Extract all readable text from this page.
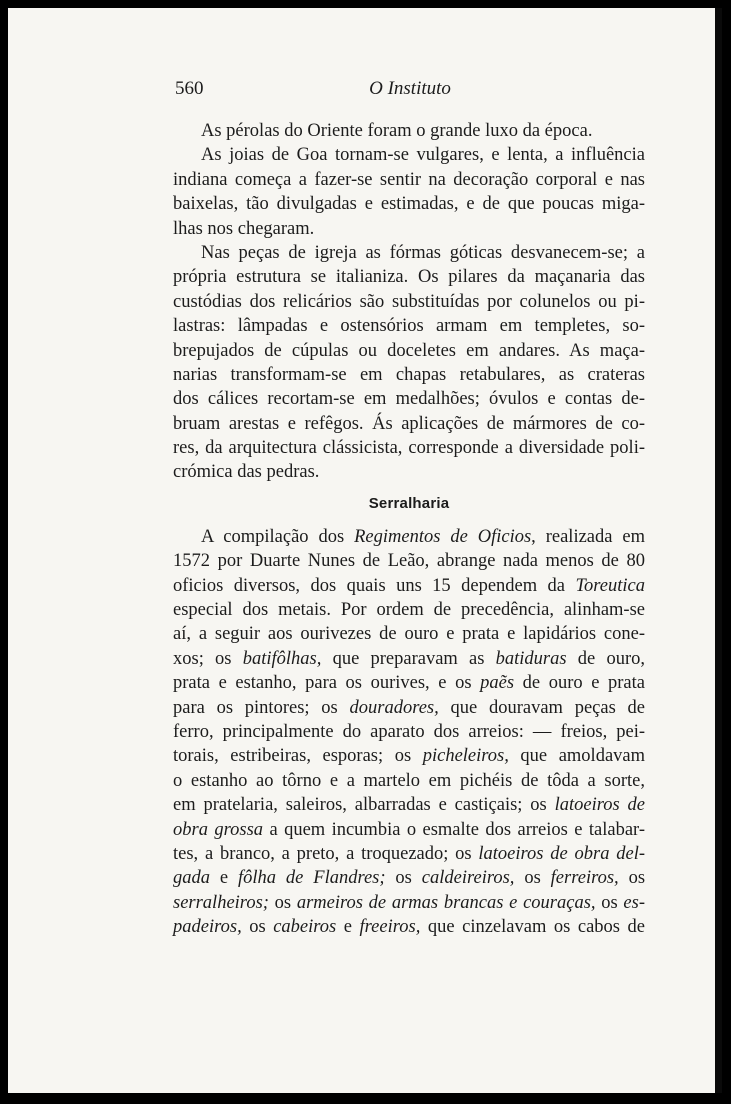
560	O Instituto
As pérolas do Oriente foram o grande luxo da época.
As joias de Goa tornam-se vulgares, e lenta, a influência
indiana começa a fazer-se sentir na decoração corporal e nas
baixelas, tão divulgadas e estimadas, e de que poucas miga-
lhas nos chegaram.
Nas peças de igreja as fórmas góticas desvanecem-se; a
própria estrutura se italianiza. Os pilares da maçanaria das
custódias dos relicários são substituídas por colunelos ou pi-
lastras: lâmpadas e ostensórios armam em templetes, so-
brepujados de cúpulas ou doceletes em andares. As maça-
narias transformam-se em chapas retabulares, as crateras
dos cálices recortam-se em medalhões; óvulos e contas de-
bruam arestas e refêgos. Ás aplicações de mármores de co-
res, da arquitectura clássicista, corresponde a diversidade poli-
crómica das pedras.
Serralharia
A compilação dos Regimentos de Oficios, realizada em
1572 por Duarte Nunes de Leão, abrange nada menos de 80
oficios diversos, dos quais uns 15 dependem da Toreutica
especial dos metais. Por ordem de precedência, alinham-se
aí, a seguir aos ourivezes de ouro e prata e lapidários cone-
xos; os batifôlhas, que preparavam as batiduras de ouro,
prata e estanho, para os ourives, e os paẽs de ouro e prata
para os pintores; os douradores, que douravam peças de
ferro, principalmente do aparato dos arreios: — freios, pei-
torais, estribeiras, esporas; os picheleiros, que amoldavam
o estanho ao tôrno e a martelo em pichéis de tôda a sorte,
em pratelaria, saleiros, albarradas e castiçais; os latoeiros de
obra grossa a quem incumbia o esmalte dos arreios e talabar-
tes, a branco, a preto, a troquezado; os latoeiros de obra del-
gada e fôlha de Flandres; os caldeireiros, os ferreiros, os
serralheiros; os armeiros de armas brancas e couraças, os es-
padeiros, os cabeiros e freeiros, que cinzelavam os cabos de
